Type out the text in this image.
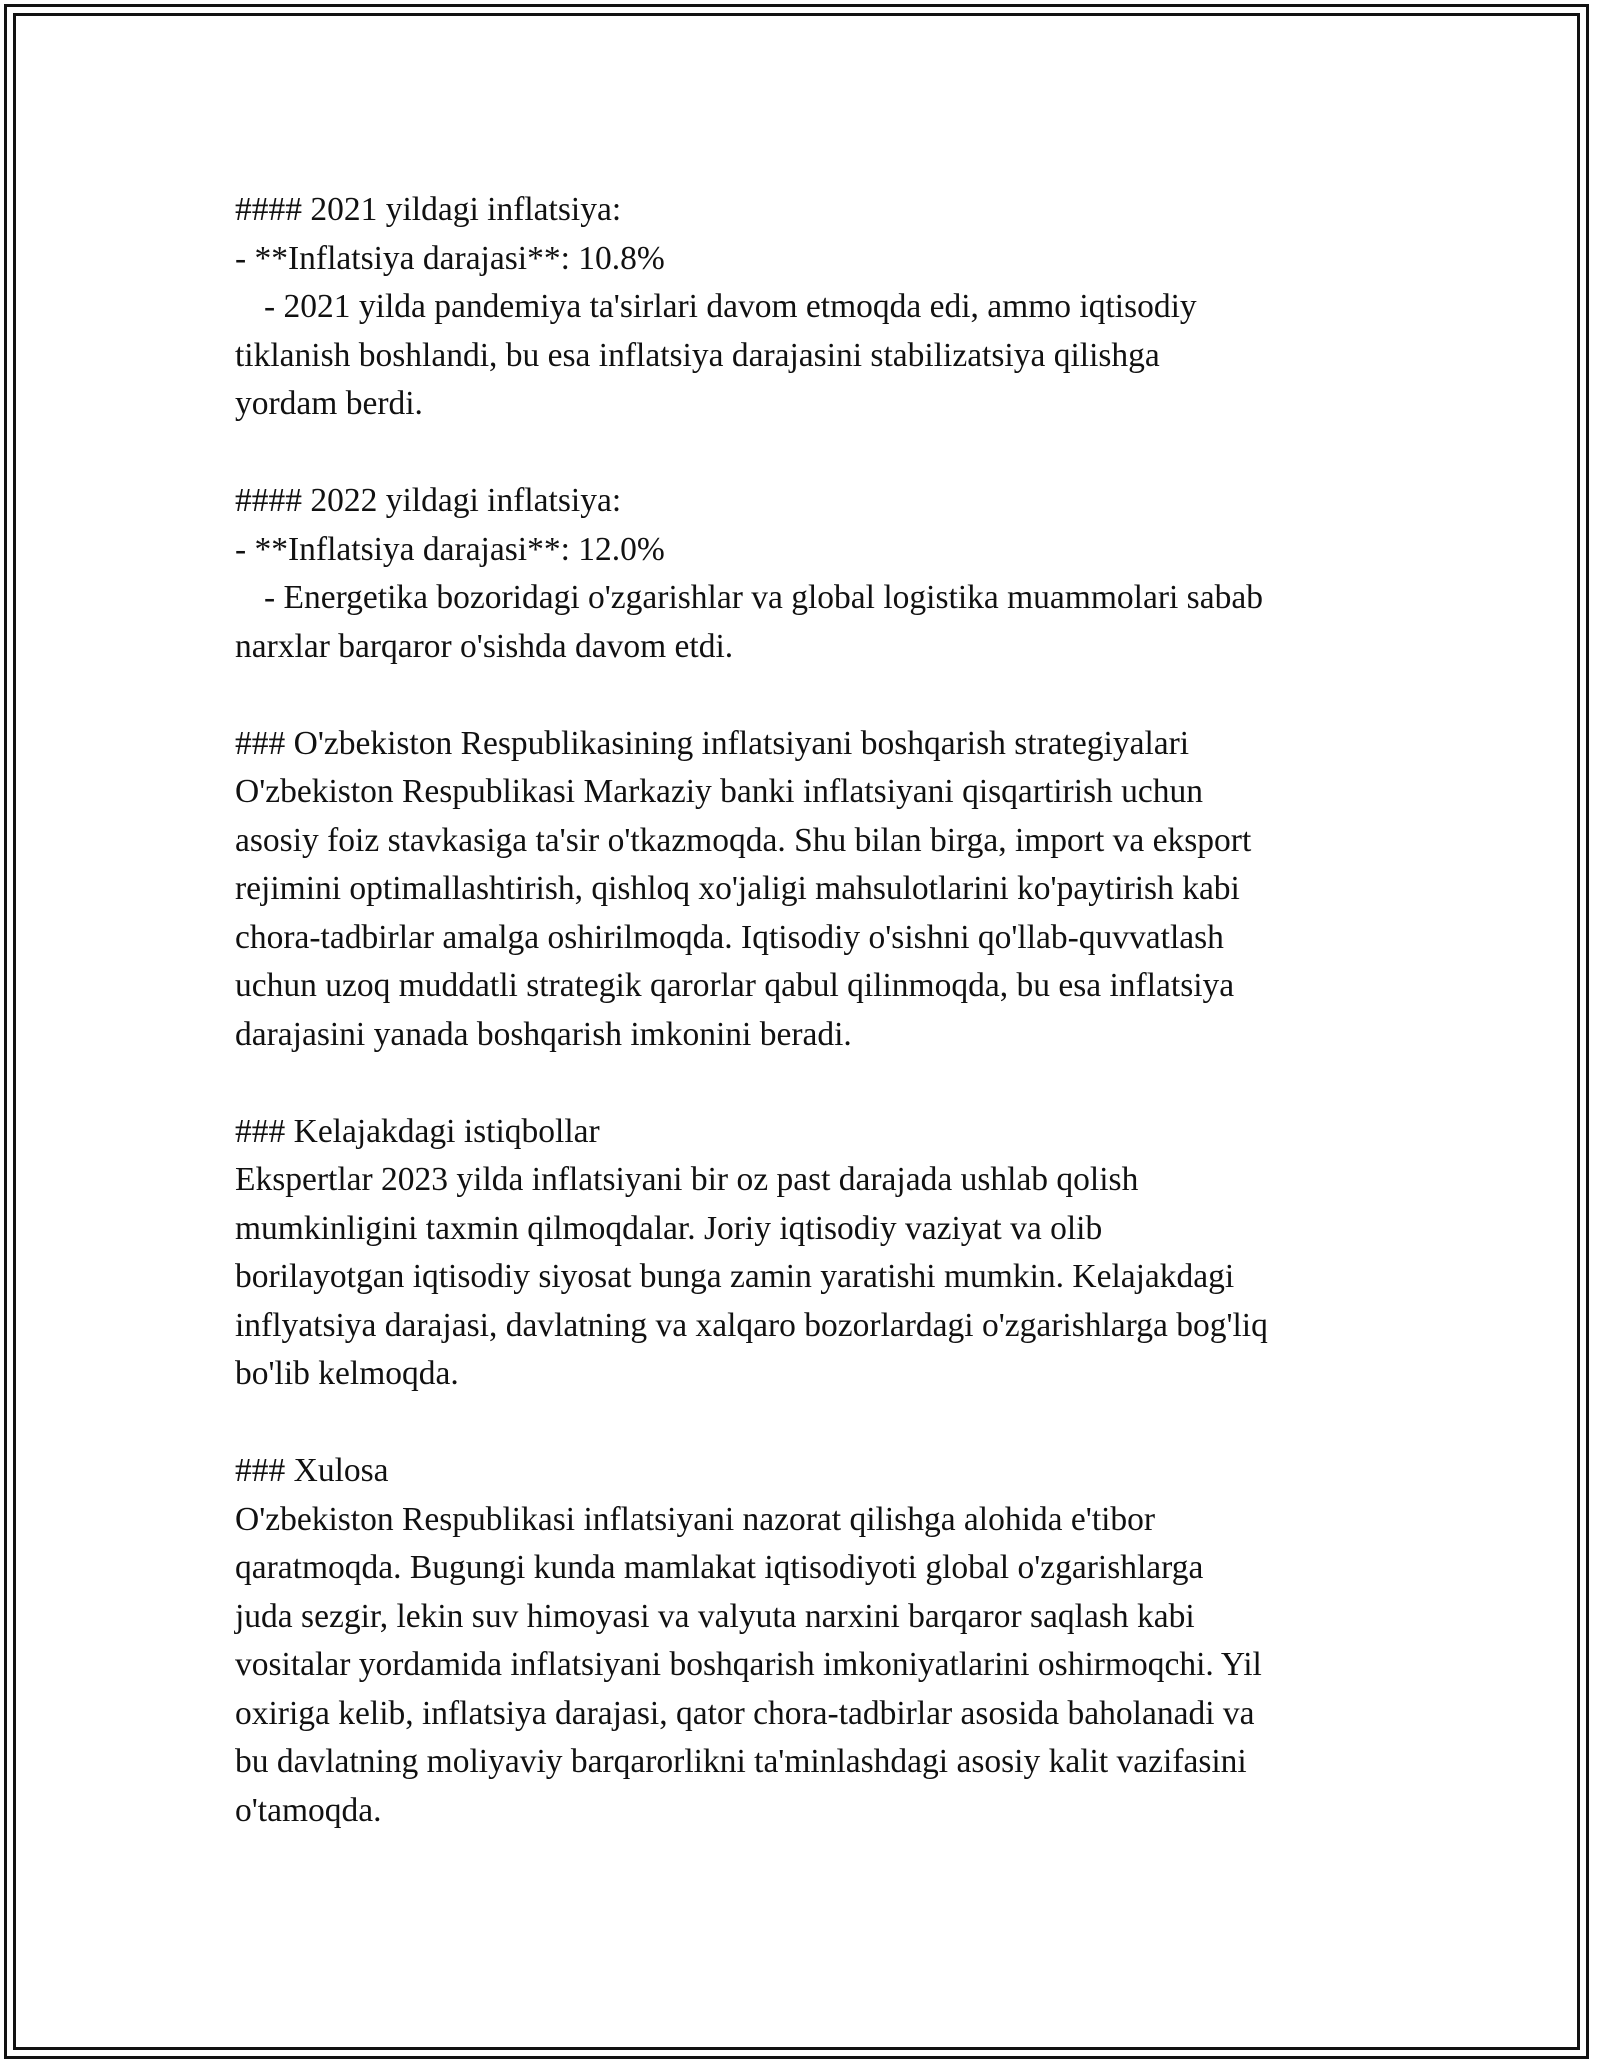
#### 2021 yildagi inflatsiya:
- **Inflatsiya darajasi**: 10.8%
- 2021 yilda pandemiya ta'sirlari davom etmoqda edi, ammo iqtisodiy
tiklanish boshlandi, bu esa inflatsiya darajasini stabilizatsiya qilishga
yordam berdi.
#### 2022 yildagi inflatsiya:
- **Inflatsiya darajasi**: 12.0%
- Energetika bozoridagi o'zgarishlar va global logistika muammolari sabab
narxlar barqaror o'sishda davom etdi.
### O'zbekiston Respublikasining inflatsiyani boshqarish strategiyalari
O'zbekiston Respublikasi Markaziy banki inflatsiyani qisqartirish uchun
asosiy foiz stavkasiga ta'sir o'tkazmoqda. Shu bilan birga, import va eksport
rejimini optimallashtirish, qishloq xo'jaligi mahsulotlarini ko'paytirish kabi
chora-tadbirlar amalga oshirilmoqda. Iqtisodiy o'sishni qo'llab-quvvatlash
uchun uzoq muddatli strategik qarorlar qabul qilinmoqda, bu esa inflatsiya
darajasini yanada boshqarish imkonini beradi.
### Kelajakdagi istiqbollar
Ekspertlar 2023 yilda inflatsiyani bir oz past darajada ushlab qolish
mumkinligini taxmin qilmoqdalar. Joriy iqtisodiy vaziyat va olib
borilayotgan iqtisodiy siyosat bunga zamin yaratishi mumkin. Kelajakdagi
inflyatsiya darajasi, davlatning va xalqaro bozorlardagi o'zgarishlarga bog'liq
bo'lib kelmoqda.
### Xulosa
O'zbekiston Respublikasi inflatsiyani nazorat qilishga alohida e'tibor
qaratmoqda. Bugungi kunda mamlakat iqtisodiyoti global o'zgarishlarga
juda sezgir, lekin suv himoyasi va valyuta narxini barqaror saqlash kabi
vositalar yordamida inflatsiyani boshqarish imkoniyatlarini oshirmoqchi. Yil
oxiriga kelib, inflatsiya darajasi, qator chora-tadbirlar asosida baholanadi va
bu davlatning moliyaviy barqarorlikni ta'minlashdagi asosiy kalit vazifasini
o'tamoqda.
